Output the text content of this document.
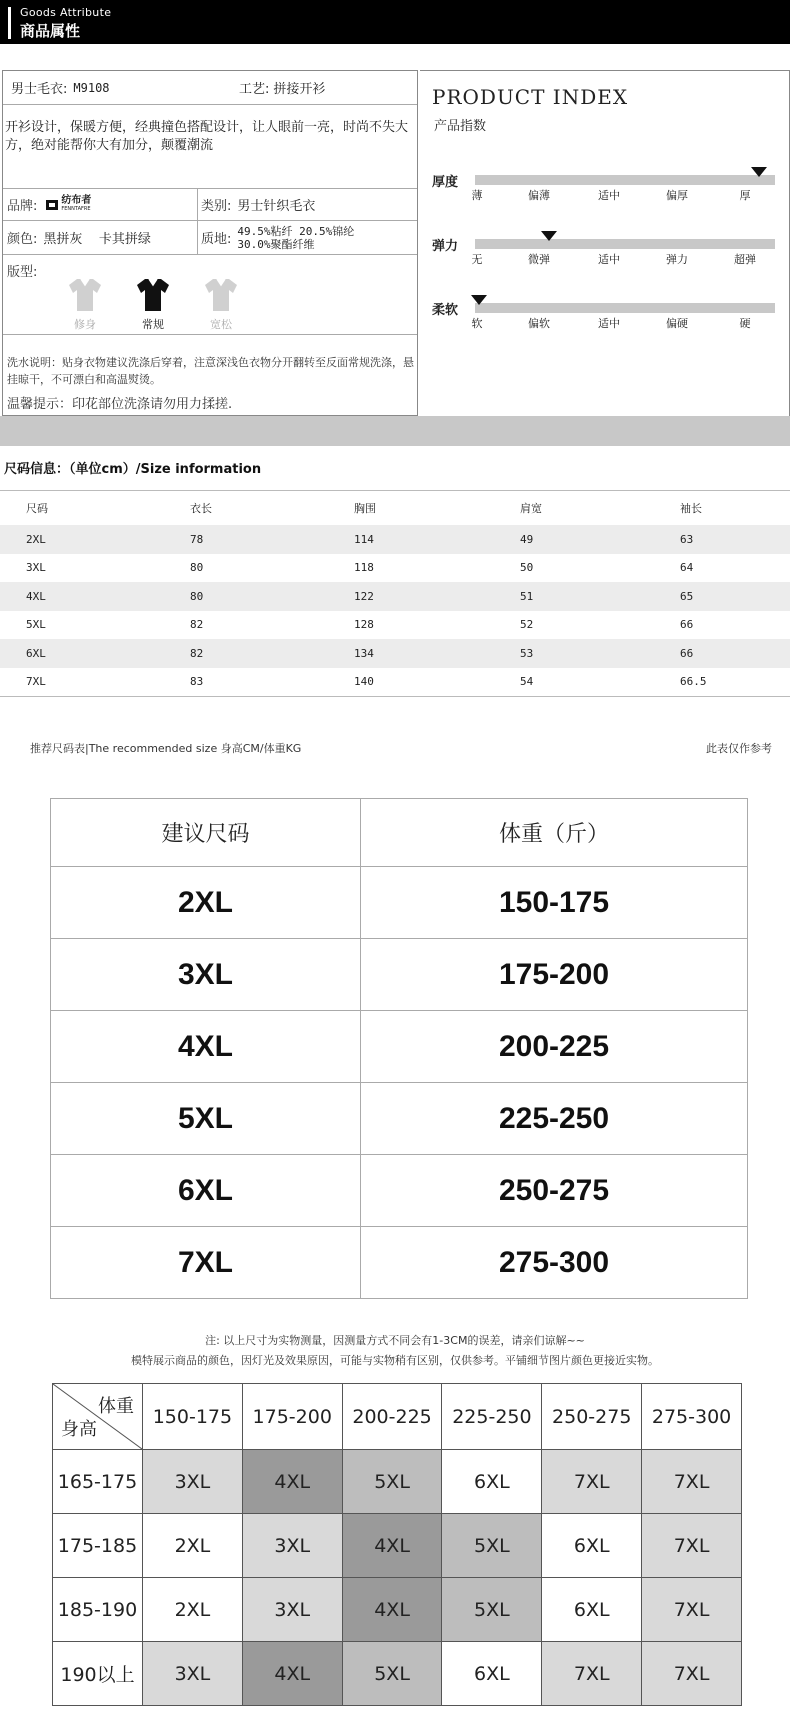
Goods Attribute
商品属性
男士毛衣: M9108	工艺: 拼接开衫
开衫设计，保暖方便，经典撞色搭配设计，让人眼前一亮，时尚不失大方，绝对能帮你大有加分，颠覆潮流
品牌: 纺布者
FENNTAFRE	类别: 男士针织毛衣
颜色: 黑拼灰    卡其拼绿	质地:
49.5%粘纤 20.5%锦纶
30.0%聚酯纤维
版型:
修身	常规	宽松
洗水说明：贴身衣物建议洗涤后穿着，注意深浅色衣物分开翻转至反面常规洗涤，悬挂晾干，不可漂白和高温熨烫。
温馨提示：印花部位洗涤请勿用力揉搓.
PRODUCT INDEX
产品指数
厚度
薄	偏薄	适中	偏厚	厚
弹力
无	微弹	适中	弹力	超弹
柔软
软	偏软	适中	偏硬	硬
尺码信息：（单位cm）/Size information
尺码	衣长	胸围	肩宽	袖长
2XL	78	114	49	63
3XL	80	118	50	64
4XL	80	122	51	65
5XL	82	128	52	66
6XL	82	134	53	66
7XL	83	140	54	66.5
推荐尺码表|The recommended size 身高CM/体重KG	此表仅作参考
建议尺码	体重（斤）
2XL	150-175
3XL	175-200
4XL	200-225
5XL	225-250
6XL	250-275
7XL	275-300
注: 以上尺寸为实物测量，因测量方式不同会有1-3CM的误差，请亲们谅解~~
模特展示商品的颜色，因灯光及效果原因，可能与实物稍有区别，仅供参考。平铺细节图片颜色更接近实物。
体重
身高	150-175	175-200	200-225	225-250	250-275	275-300
165-175	3XL	4XL	5XL	6XL	7XL	7XL
175-185	2XL	3XL	4XL	5XL	6XL	7XL
185-190	2XL	3XL	4XL	5XL	6XL	7XL
190以上	3XL	4XL	5XL	6XL	7XL	7XL
